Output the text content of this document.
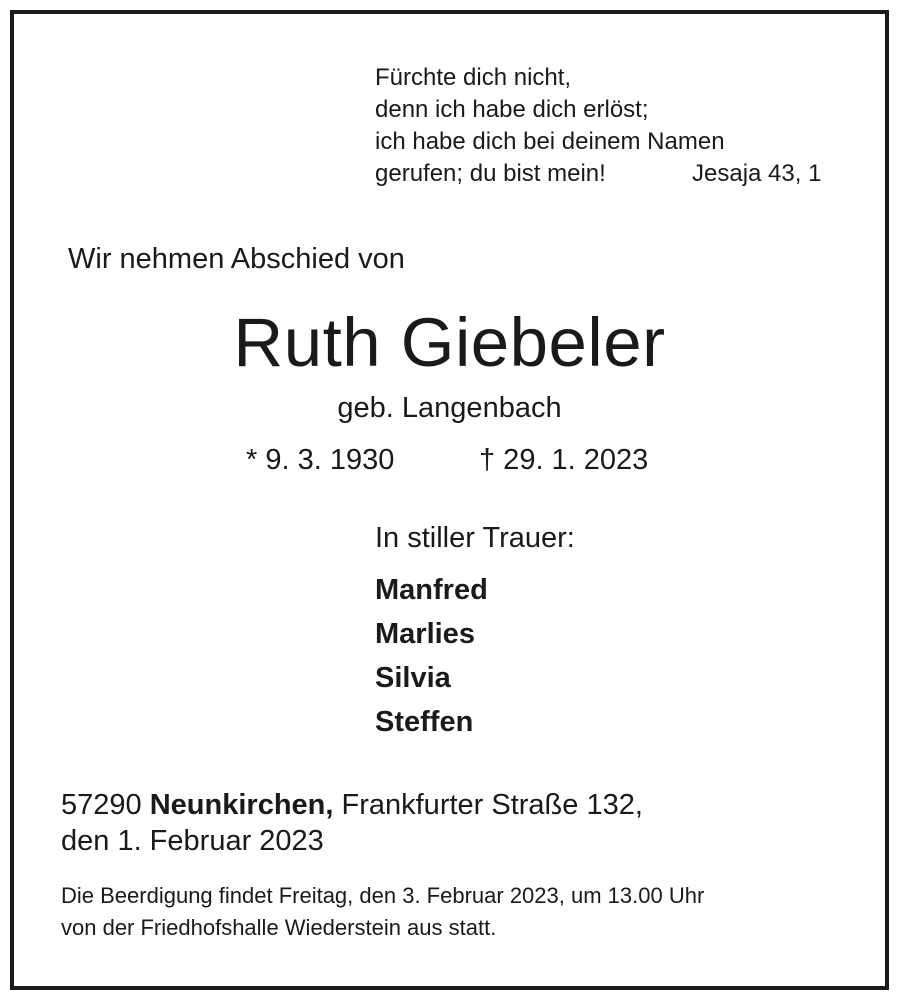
Fürchte dich nicht,
denn ich habe dich erlöst;
ich habe dich bei deinem Namen
gerufen; du bist mein!	Jesaja 43, 1
Wir nehmen Abschied von
Ruth Giebeler
geb. Langenbach
* 9. 3. 1930	† 29. 1. 2023
In stiller Trauer:
Manfred
Marlies
Silvia
Steffen
57290 Neunkirchen, Frankfurter Straße 132,
den 1. Februar 2023
Die Beerdigung findet Freitag, den 3. Februar 2023, um 13.00 Uhr
von der Friedhofshalle Wiederstein aus statt.
